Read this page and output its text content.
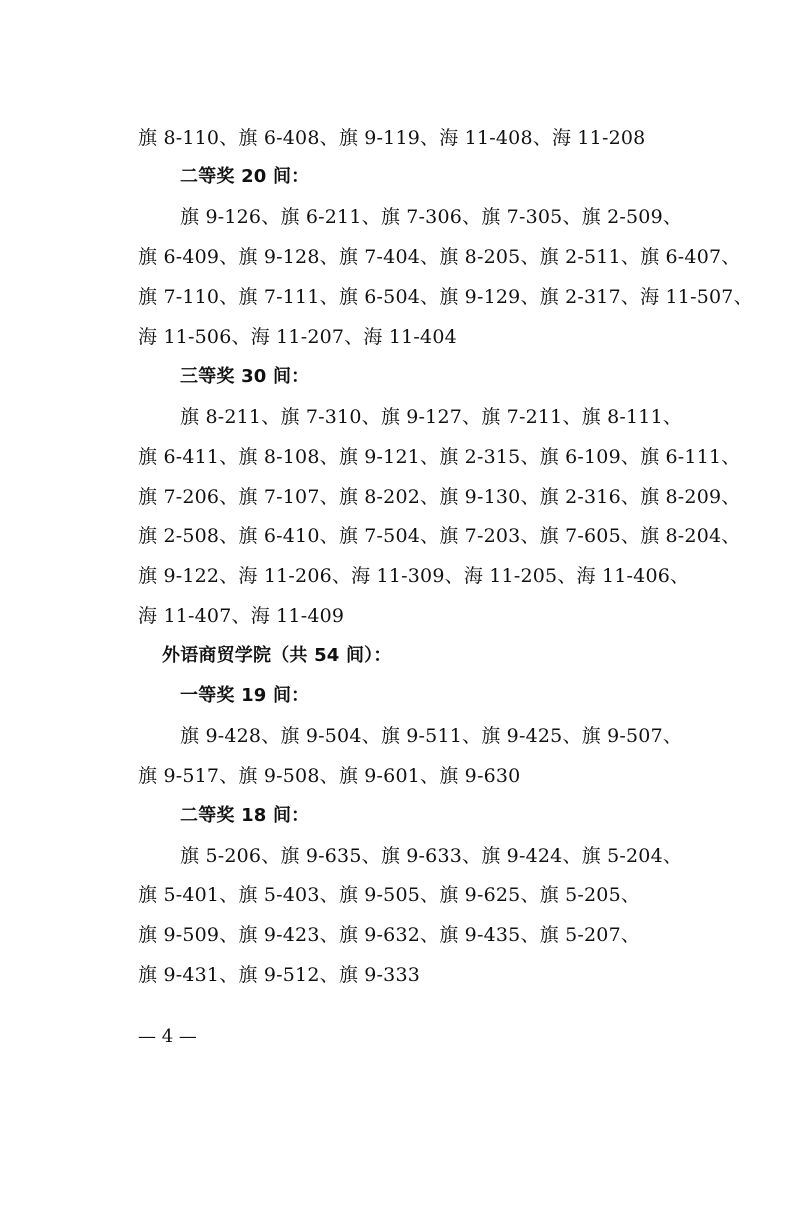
旗 8-110、旗 6-408、旗 9-119、海 11-408、海 11-208
二等奖 20 间：
旗 9-126、旗 6-211、旗 7-306、旗 7-305、旗 2-509、
旗 6-409、旗 9-128、旗 7-404、旗 8-205、旗 2-511、旗 6-407、
旗 7-110、旗 7-111、旗 6-504、旗 9-129、旗 2-317、海 11-507、
海 11-506、海 11-207、海 11-404
三等奖 30 间：
旗 8-211、旗 7-310、旗 9-127、旗 7-211、旗 8-111、
旗 6-411、旗 8-108、旗 9-121、旗 2-315、旗 6-109、旗 6-111、
旗 7-206、旗 7-107、旗 8-202、旗 9-130、旗 2-316、旗 8-209、
旗 2-508、旗 6-410、旗 7-504、旗 7-203、旗 7-605、旗 8-204、
旗 9-122、海 11-206、海 11-309、海 11-205、海 11-406、
海 11-407、海 11-409
外语商贸学院（共 54 间）：
一等奖 19 间：
旗 9-428、旗 9-504、旗 9-511、旗 9-425、旗 9-507、
旗 9-517、旗 9-508、旗 9-601、旗 9-630
二等奖 18 间：
旗 5-206、旗 9-635、旗 9-633、旗 9-424、旗 5-204、
旗 5-401、旗 5-403、旗 9-505、旗 9-625、旗 5-205、
旗 9-509、旗 9-423、旗 9-632、旗 9-435、旗 5-207、
旗 9-431、旗 9-512、旗 9-333
— 4 —
